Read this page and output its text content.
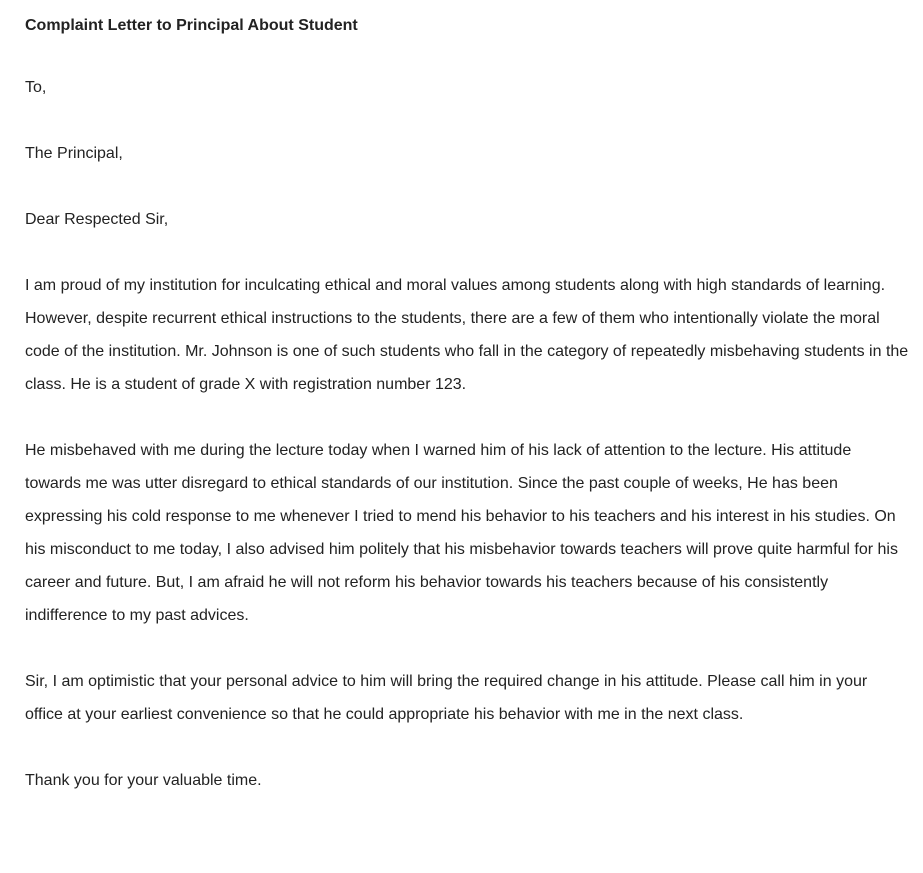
Complaint Letter to Principal About Student

To,

The Principal,

Dear Respected Sir,

I am proud of my institution for inculcating ethical and moral values among students along with high standards of learning. However, despite recurrent ethical instructions to the students, there are a few of them who intentionally violate the moral code of the institution. Mr. Johnson is one of such students who fall in the category of repeatedly misbehaving students in the class. He is a student of grade X with registration number 123.

He misbehaved with me during the lecture today when I warned him of his lack of attention to the lecture. His attitude towards me was utter disregard to ethical standards of our institution. Since the past couple of weeks, He has been expressing his cold response to me whenever I tried to mend his behavior to his teachers and his interest in his studies. On his misconduct to me today, I also advised him politely that his misbehavior towards teachers will prove quite harmful for his career and future. But, I am afraid he will not reform his behavior towards his teachers because of his consistently indifference to my past advices.

Sir, I am optimistic that your personal advice to him will bring the required change in his attitude. Please call him in your office at your earliest convenience so that he could appropriate his behavior with me in the next class.

Thank you for your valuable time.
